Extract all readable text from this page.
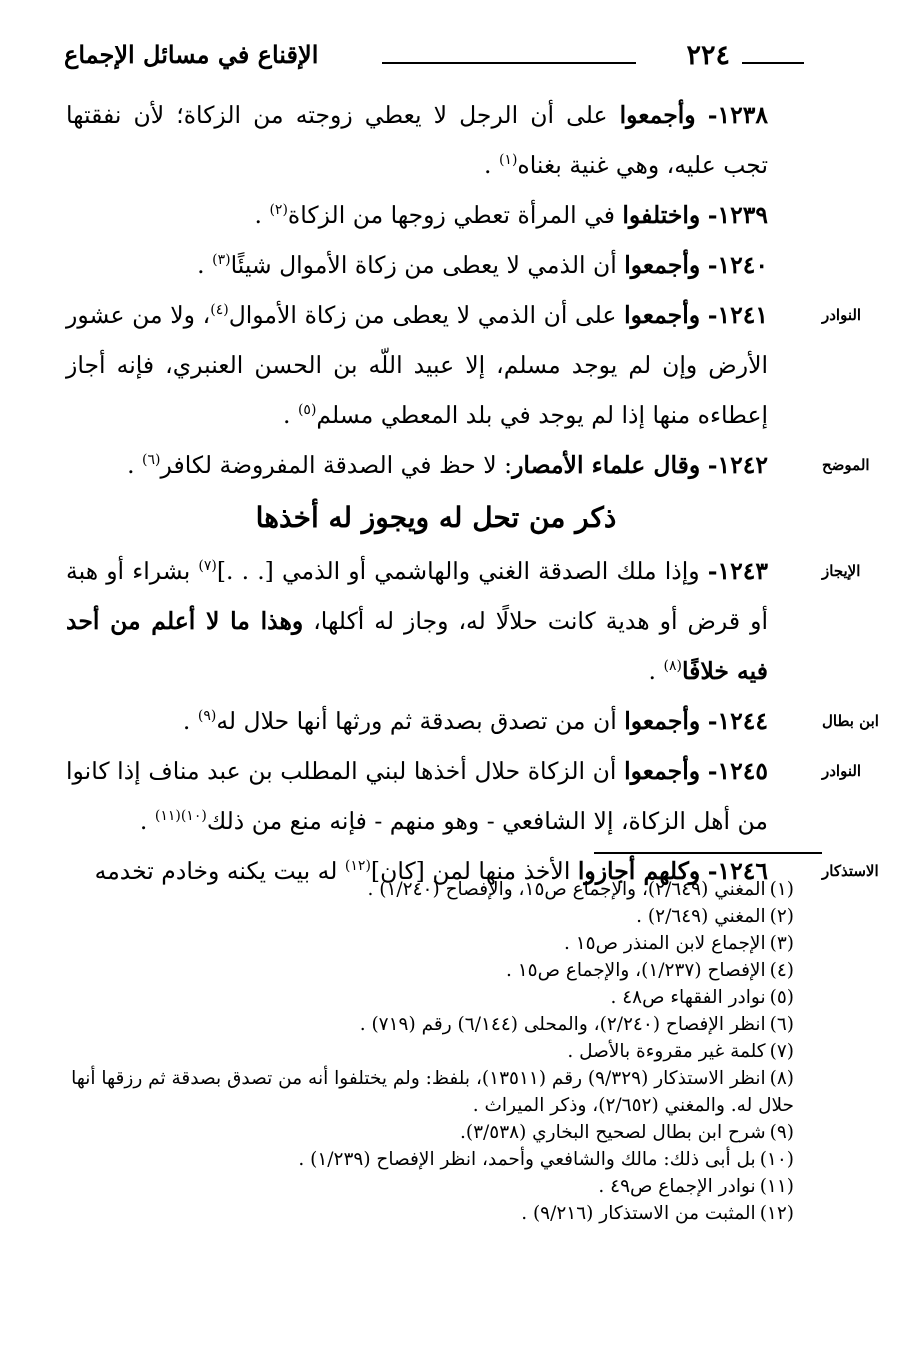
٢٢٤
الإقناع في مسائل الإجماع

١٢٣٨- وأجمعوا على أن الرجل لا يعطي زوجته من الزكاة؛ لأن نفقتها تجب عليه، وهي غنية بغناه$^{(١)}$ .

١٢٣٩- واختلفوا في المرأة تعطي زوجها من الزكاة$^{(٢)}$ .

١٢٤٠- وأجمعوا أن الذمي لا يعطى من زكاة الأموال شيئًا$^{(٣)}$ .

النوادر
١٢٤١- وأجمعوا على أن الذمي لا يعطى من زكاة الأموال$^{(٤)}$، ولا من عشور الأرض وإن لم يوجد مسلم، إلا عبيد اللّه بن الحسن العنبري، فإنه أجاز إعطاءه منها إذا لم يوجد في بلد المعطي مسلم$^{(٥)}$ .

الموضح
١٢٤٢- وقال علماء الأمصار: لا حظ في الصدقة المفروضة لكافر$^{(٦)}$ .

ذكر من تحل له ويجوز له أخذها

الإيجاز
١٢٤٣- وإذا ملك الصدقة الغني والهاشمي أو الذمي [. . .]$^{(٧)}$ بشراء أو هبة أو قرض أو هدية كانت حلالًا له، وجاز له أكلها، وهذا ما لا أعلم من أحد فيه خلافًا$^{(٨)}$ .

ابن بطال
١٢٤٤- وأجمعوا أن من تصدق بصدقة ثم ورثها أنها حلال له$^{(٩)}$ .

النوادر
١٢٤٥- وأجمعوا أن الزكاة حلال أخذها لبني المطلب بن عبد مناف إذا كانوا من أهل الزكاة، إلا الشافعي - وهو منهم - فإنه منع من ذلك$^{(١٠)(١١)}$ .

الاستذكار
١٢٤٦- وكلهم أجازوا الأخذ منها لمن [كان]$^{(١٢)}$ له بيت يكنه وخادم تخدمه

(١)المغني (٢/٦٤٩)، والإجماع ص١٥، والإفصاح (١/٢٤٠) .

(٢)المغني (٢/٦٤٩) .

(٣)الإجماع لابن المنذر ص١٥ .

(٤)الإفصاح (١/٢٣٧)، والإجماع ص١٥ .

(٥)نوادر الفقهاء ص٤٨ .

(٦)انظر الإفصاح (٢/٢٤٠)، والمحلى (٦/١٤٤) رقم (٧١٩) .

(٧)كلمة غير مقروءة بالأصل .

(٨)انظر الاستذكار (٩/٣٢٩) رقم (١٣٥١١)، بلفظ: ولم يختلفوا أنه من تصدق بصدقة ثم رزقها أنها حلال له. والمغني (٢/٦٥٢)، وذكر الميراث .

(٩)شرح ابن بطال لصحيح البخاري (٣/٥٣٨).

(١٠)بل أبى ذلك: مالك والشافعي وأحمد، انظر الإفصاح (١/٢٣٩) .

(١١)نوادر الإجماع ص٤٩ .

(١٢)المثبت من الاستذكار (٩/٢١٦) .
